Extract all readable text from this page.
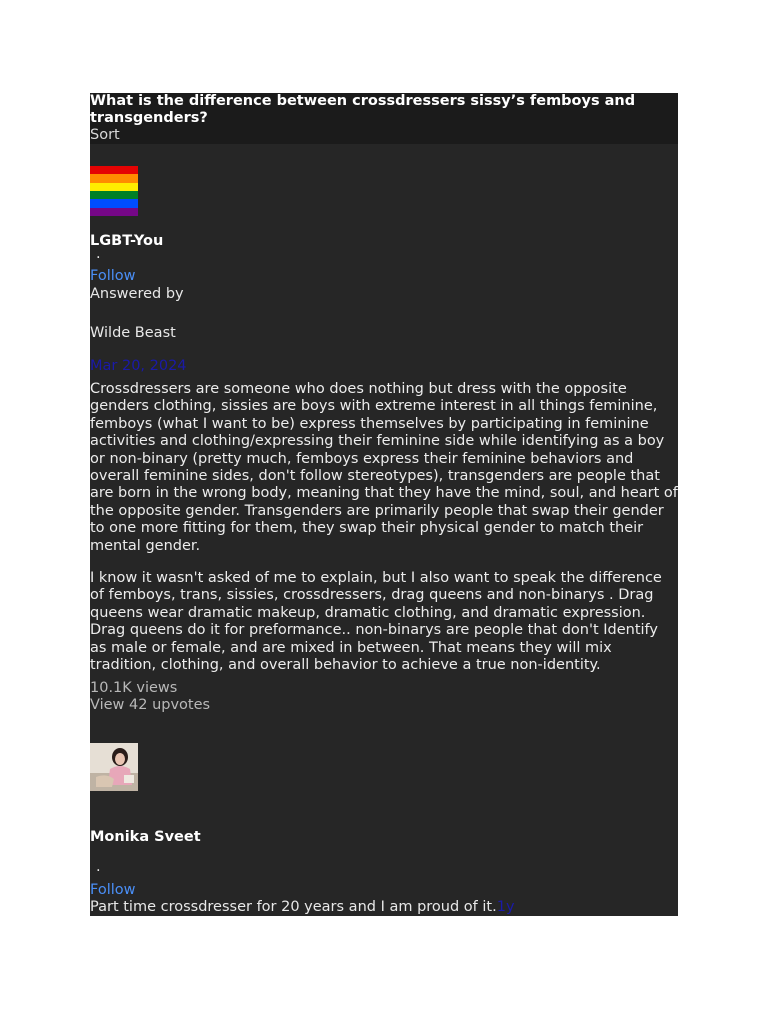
What is the difference between crossdressers sissy’s femboys and transgenders?
Sort
LGBT-You
·
Follow
Answered by
Wilde Beast
Mar 20, 2024

Crossdressers are someone who does nothing but dress with the opposite genders clothing, sissies are boys with extreme interest in all things feminine, femboys (what I want to be) express themselves by participating in feminine activities and clothing/expressing their feminine side while identifying as a boy or non-binary (pretty much, femboys express their feminine behaviors and overall feminine sides, don't follow stereotypes), transgenders are people that are born in the wrong body, meaning that they have the mind, soul, and heart of the opposite gender. Transgenders are primarily people that swap their gender to one more fitting for them, they swap their physical gender to match their mental gender.

I know it wasn't asked of me to explain, but I also want to speak the difference of femboys, trans, sissies, crossdressers, drag queens and non-binarys . Drag queens wear dramatic makeup, dramatic clothing, and dramatic expression. Drag queens do it for preformance.. non-binarys are people that don't Identify as male or female, and are mixed in between. That means they will mix tradition, clothing, and overall behavior to achieve a true non-identity.

10.1K views
View 42 upvotes
Monika Sveet
·
Follow
Part time crossdresser for 20 years and I am proud of it.1y
